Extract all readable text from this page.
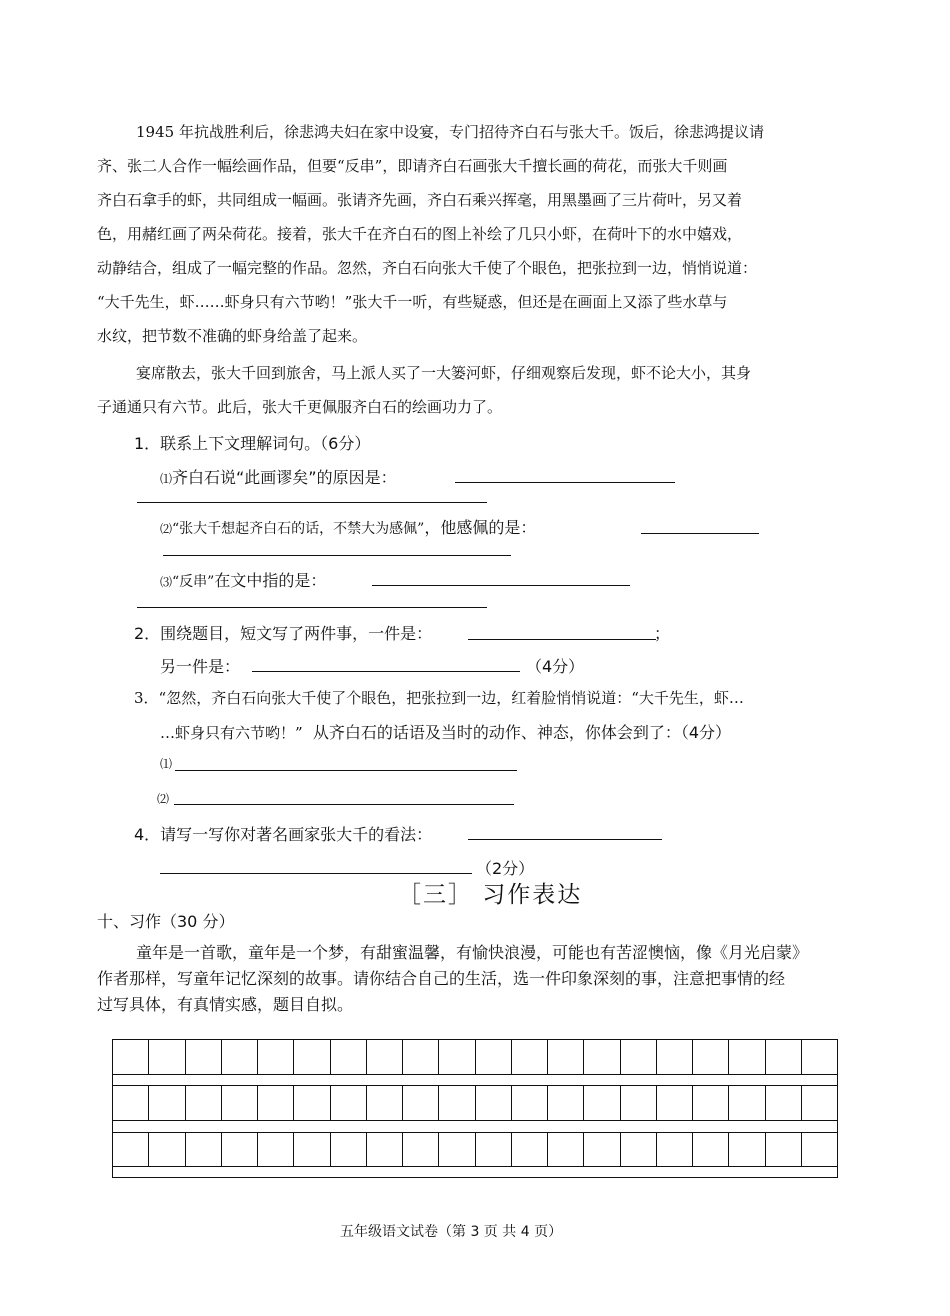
1945 年抗战胜利后，徐悲鸿夫妇在家中设宴，专门招待齐白石与张大千。饭后，徐悲鸿提议请
齐、张二人合作一幅绘画作品，但要“反串”，即请齐白石画张大千擅长画的荷花，而张大千则画
齐白石拿手的虾，共同组成一幅画。张请齐先画，齐白石乘兴挥毫，用黑墨画了三片荷叶，另又着
色，用赭红画了两朵荷花。接着，张大千在齐白石的图上补绘了几只小虾，在荷叶下的水中嬉戏，
动静结合，组成了一幅完整的作品。忽然，齐白石向张大千使了个眼色，把张拉到一边，悄悄说道：
“大千先生，虾……虾身只有六节哟！”张大千一听，有些疑惑，但还是在画面上又添了些水草与
水纹，把节数不准确的虾身给盖了起来。
宴席散去，张大千回到旅舍，马上派人买了一大篓河虾，仔细观察后发现，虾不论大小，其身
子通通只有六节。此后，张大千更佩服齐白石的绘画功力了。
1．联系上下文理解词句。（6分）
⑴齐白石说“此画谬矣”的原因是：
⑵“张大千想起齐白石的话，不禁大为感佩”，他感佩的是：
⑶“反串”在文中指的是：
2．围绕题目，短文写了两件事，一件是：	；
另一件是：	（4分）
3．“忽然，齐白石向张大千使了个眼色，把张拉到一边，红着脸悄悄说道：“大千先生，虾…
…虾身只有六节哟！” 从齐白石的话语及当时的动作、神态，你体会到了：（4分）
⑴
⑵
4．请写一写你对著名画家张大千的看法：
（2分）
［三］ 习作表达
十、习作（30 分）
童年是一首歌，童年是一个梦，有甜蜜温馨，有愉快浪漫，可能也有苦涩懊恼，像《月光启蒙》
作者那样，写童年记忆深刻的故事。请你结合自己的生活，选一件印象深刻的事，注意把事情的经
过写具体，有真情实感，题目自拟。
五年级语文试卷（第 3 页 共 4 页）
